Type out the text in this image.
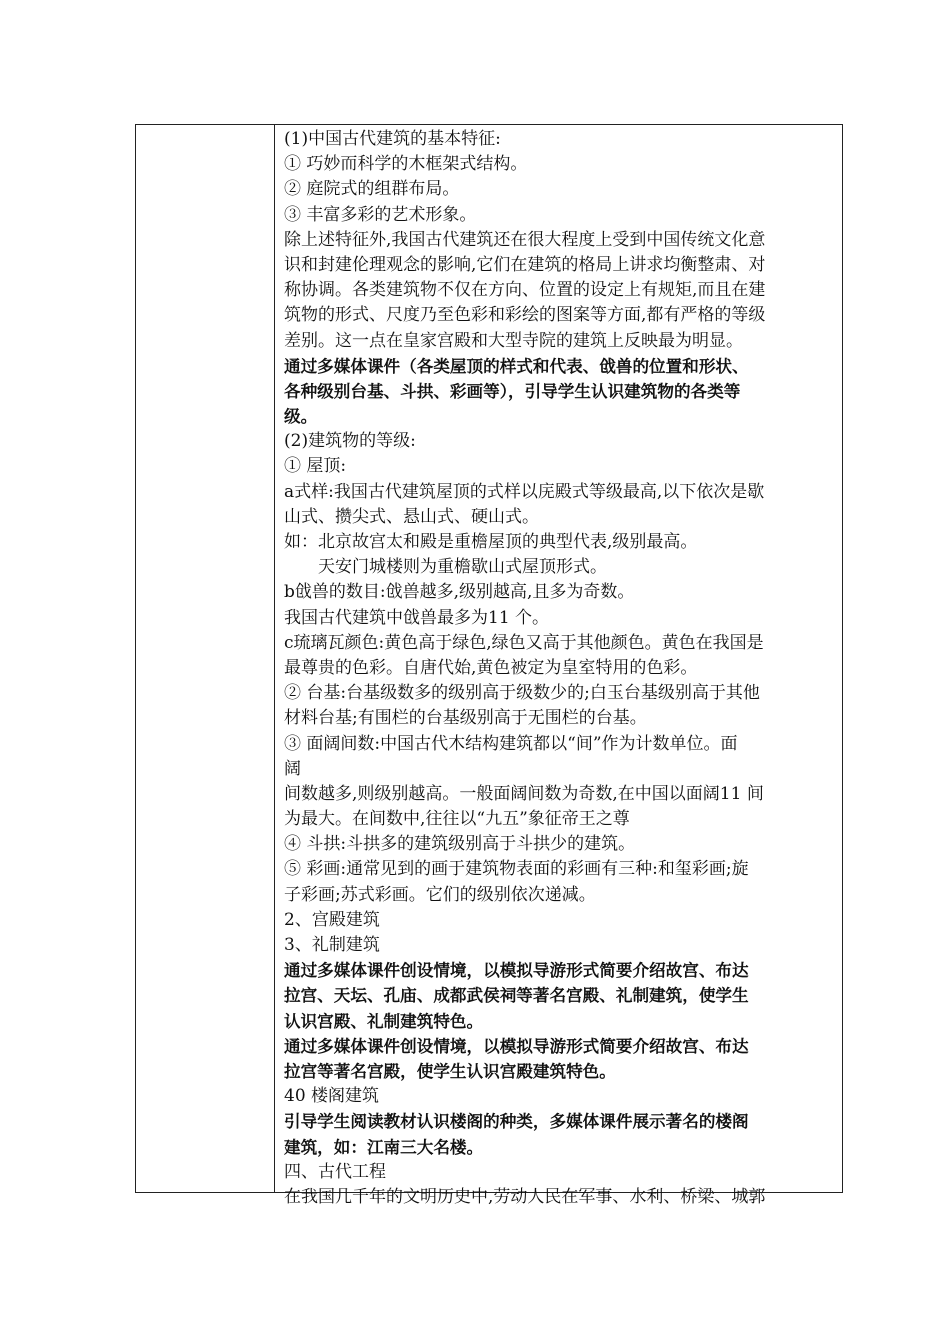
(1)中国古代建筑的基本特征:
① 巧妙而科学的木框架式结构。
② 庭院式的组群布局。
③ 丰富多彩的艺术形象。
除上述特征外,我国古代建筑还在很大程度上受到中国传统文化意
识和封建伦理观念的影响,它们在建筑的格局上讲求均衡整肃、对
称协调。各类建筑物不仅在方向、位置的设定上有规矩,而且在建
筑物的形式、尺度乃至色彩和彩绘的图案等方面,都有严格的等级
差别。这一点在皇家宫殿和大型寺院的建筑上反映最为明显。
通过多媒体课件（各类屋顶的样式和代表、戗兽的位置和形状、
各种级别台基、斗拱、彩画等），引导学生认识建筑物的各类等
级。
(2)建筑物的等级:
① 屋顶:
a式样:我国古代建筑屋顶的式样以庑殿式等级最高,以下依次是歇
山式、攒尖式、悬山式、硬山式。
如：北京故宫太和殿是重檐屋顶的典型代表,级别最高。
天安门城楼则为重檐歇山式屋顶形式。
b戗兽的数目:戗兽越多,级别越高,且多为奇数。
我国古代建筑中戗兽最多为11 个。
c琉璃瓦颜色:黄色高于绿色,绿色又高于其他颜色。黄色在我国是
最尊贵的色彩。自唐代始,黄色被定为皇室特用的色彩。
② 台基:台基级数多的级别高于级数少的;白玉台基级别高于其他
材料台基;有围栏的台基级别高于无围栏的台基。
③ 面阔间数:中国古代木结构建筑都以“间”作为计数单位。面
阔
间数越多,则级别越高。一般面阔间数为奇数,在中国以面阔11 间
为最大。在间数中,往往以“九五”象征帝王之尊
④ 斗拱:斗拱多的建筑级别高于斗拱少的建筑。
⑤ 彩画:通常见到的画于建筑物表面的彩画有三种:和玺彩画;旋
子彩画;苏式彩画。它们的级别依次递减。
2、宫殿建筑
3、礼制建筑
通过多媒体课件创设情境，以模拟导游形式简要介绍故宫、布达
拉宫、天坛、孔庙、成都武侯祠等著名宫殿、礼制建筑，使学生
认识宫殿、礼制建筑特色。
通过多媒体课件创设情境，以模拟导游形式简要介绍故宫、布达
拉宫等著名宫殿，使学生认识宫殿建筑特色。
40 楼阁建筑
引导学生阅读教材认识楼阁的种类，多媒体课件展示著名的楼阁
建筑，如：江南三大名楼。
四、古代工程
在我国几千年的文明历史中,劳动人民在军事、水利、桥梁、城郭
